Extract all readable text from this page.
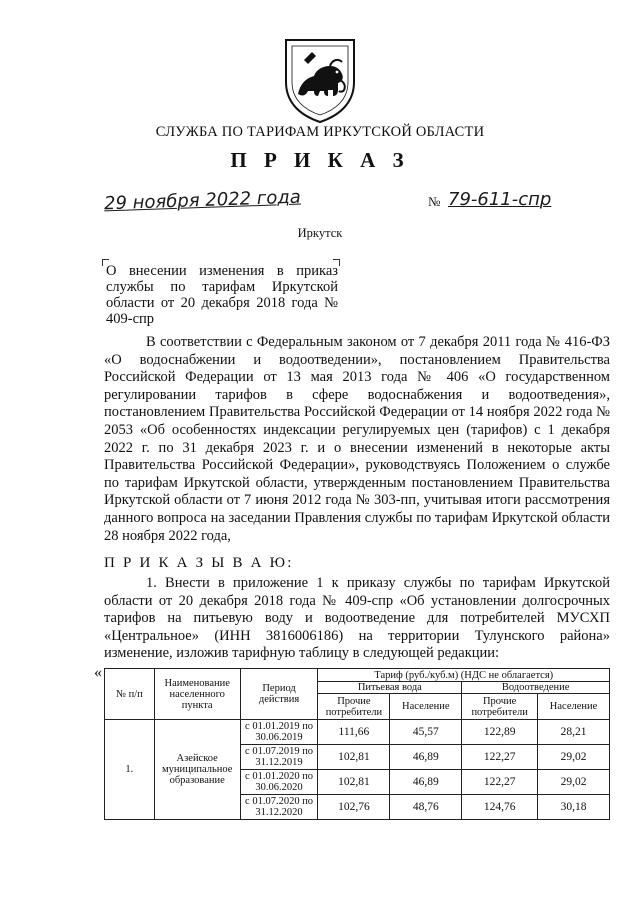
СЛУЖБА ПО ТАРИФАМ ИРКУТСКОЙ ОБЛАСТИ
П Р И К А З
29 ноября 2022 года	№ 79-611-спр
Иркутск
О внесении изменения в приказ службы по тарифам Иркутской области от 20 декабря 2018 года № 409-спр
В соответствии с Федеральным законом от 7 декабря 2011 года № 416-ФЗ «О водоснабжении и водоотведении», постановлением Правительства Российской Федерации от 13 мая 2013 года № 406 «О государственном регулировании тарифов в сфере водоснабжения и водоотведения», постановлением Правительства Российской Федерации от 14 ноября 2022 года № 2053 «Об особенностях индексации регулируемых цен (тарифов) с 1 декабря 2022 г. по 31 декабря 2023 г. и о внесении изменений в некоторые акты Правительства Российской Федерации», руководствуясь Положением о службе по тарифам Иркутской области, утвержденным постановлением Правительства Иркутской области от 7 июня 2012 года № 303-пп, учитывая итоги рассмотрения данного вопроса на заседании Правления службы по тарифам Иркутской области 28 ноября 2022 года,
П Р И К А З Ы В А Ю:
1. Внести в приложение 1 к приказу службы по тарифам Иркутской области от 20 декабря 2018 года № 409-спр «Об установлении долгосрочных тарифов на питьевую воду и водоотведение для потребителей МУСХП «Центральное» (ИНН 3816006186) на территории Тулунского района» изменение, изложив тарифную таблицу в следующей редакции:
«
№ п/п	Наименование населенного пункта	Период действия	Тариф (руб./куб.м) (НДС не облагается)			
			Питьевая вода		Водоотведение	
			Прочие потребители	Население	Прочие потребители	Население
1.	Азейское муниципальное образование	с 01.01.2019 по 30.06.2019	111,66	45,57	122,89	28,21
		с 01.07.2019 по 31.12.2019	102,81	46,89	122,27	29,02
		с 01.01.2020 по 30.06.2020	102,81	46,89	122,27	29,02
		с 01.07.2020 по 31.12.2020	102,76	48,76	124,76	30,18
